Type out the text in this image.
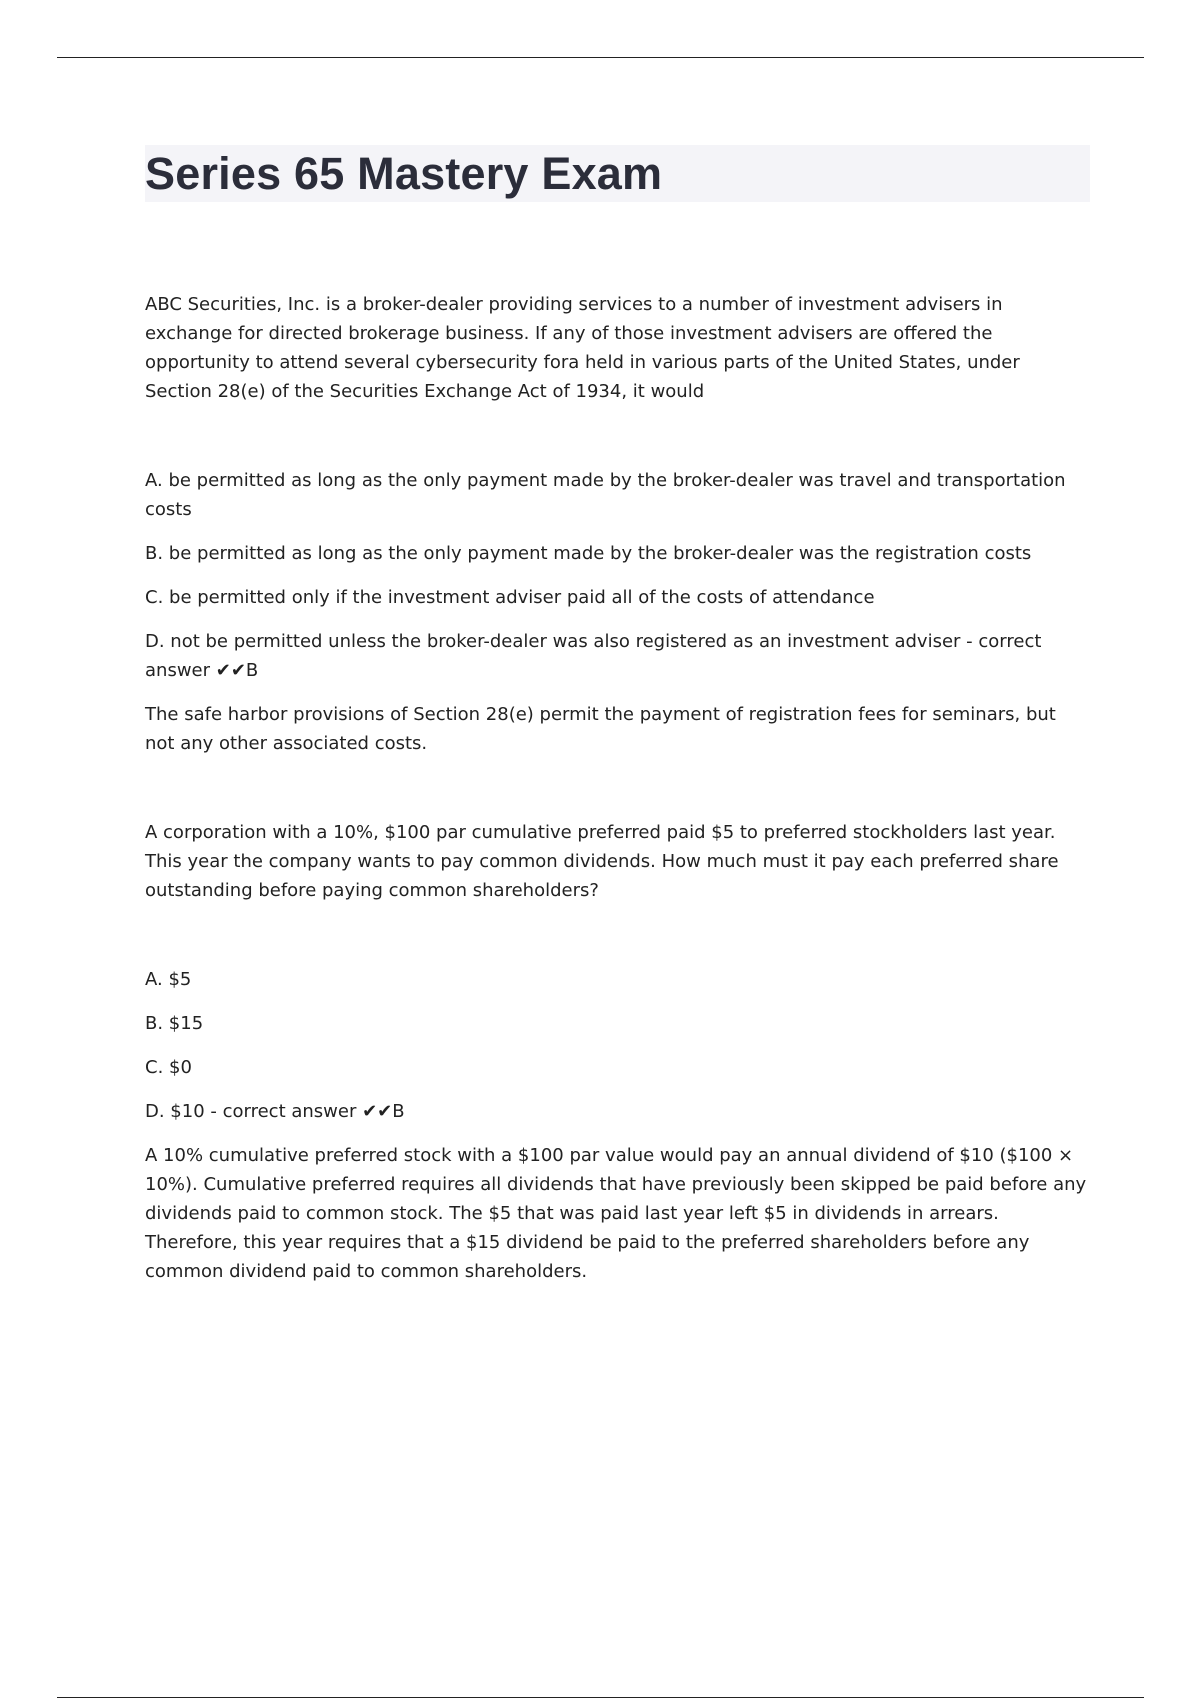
Series 65 Mastery Exam

ABC Securities, Inc. is a broker-dealer providing services to a number of investment advisers in exchange for directed brokerage business. If any of those investment advisers are offered the opportunity to attend several cybersecurity fora held in various parts of the United States, under Section 28(e) of the Securities Exchange Act of 1934, it would

A. be permitted as long as the only payment made by the broker-dealer was travel and transportation costs

B. be permitted as long as the only payment made by the broker-dealer was the registration costs

C. be permitted only if the investment adviser paid all of the costs of attendance

D. not be permitted unless the broker-dealer was also registered as an investment adviser - correct answer ✔✔B

The safe harbor provisions of Section 28(e) permit the payment of registration fees for seminars, but not any other associated costs.

A corporation with a 10%, $100 par cumulative preferred paid $5 to preferred stockholders last year. This year the company wants to pay common dividends. How much must it pay each preferred share outstanding before paying common shareholders?

A. $5

B. $15

C. $0

D. $10 - correct answer ✔✔B

A 10% cumulative preferred stock with a $100 par value would pay an annual dividend of $10 ($100 × 10%). Cumulative preferred requires all dividends that have previously been skipped be paid before any dividends paid to common stock. The $5 that was paid last year left $5 in dividends in arrears. Therefore, this year requires that a $15 dividend be paid to the preferred shareholders before any common dividend paid to common shareholders.
